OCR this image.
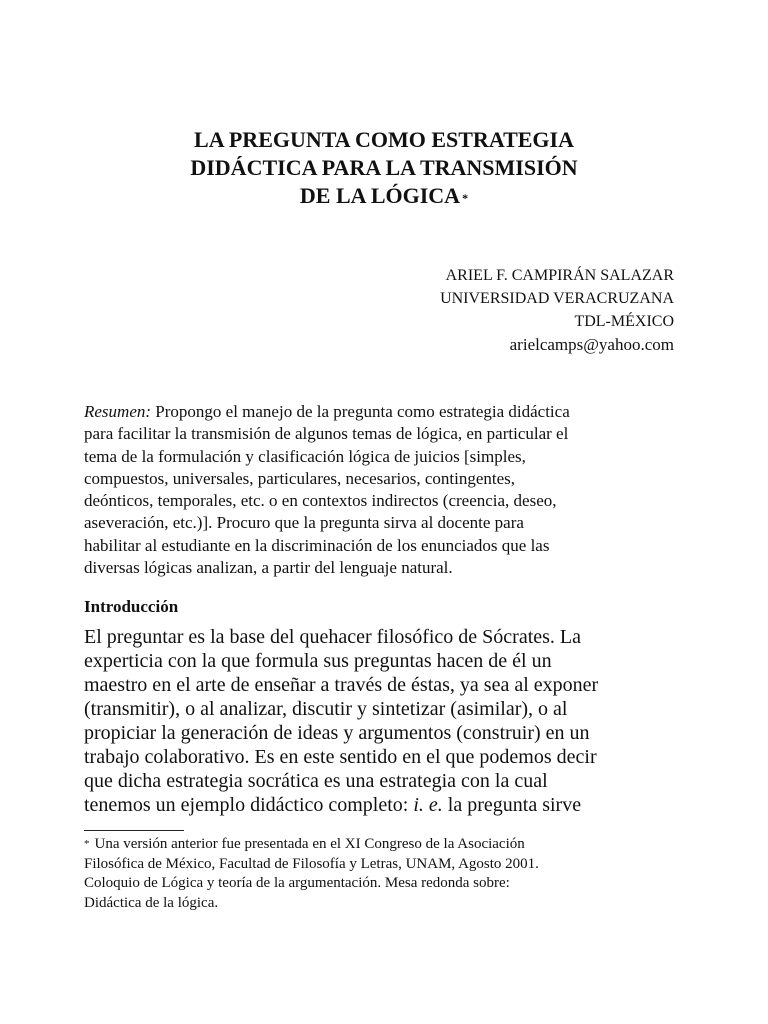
LA PREGUNTA COMO ESTRATEGIA
DIDÁCTICA PARA LA TRANSMISIÓN
DE LA LÓGICA *
ARIEL F. CAMPIRÁN SALAZAR
UNIVERSIDAD VERACRUZANA
TDL-MÉXICO
arielcamps@yahoo.com
Resumen: Propongo el manejo de la pregunta como estrategia didáctica
para facilitar la transmisión de algunos temas de lógica, en particular el
tema de la formulación y clasificación lógica de juicios [simples,
compuestos, universales, particulares, necesarios, contingentes,
deónticos, temporales, etc. o en contextos indirectos (creencia, deseo,
aseveración, etc.)]. Procuro que la pregunta sirva al docente para
habilitar al estudiante en la discriminación de los enunciados que las
diversas lógicas analizan, a partir del lenguaje natural.
Introducción
El preguntar es la base del quehacer filosófico de Sócrates. La
experticia con la que formula sus preguntas hacen de él un
maestro en el arte de enseñar a través de éstas, ya sea al exponer
(transmitir), o al analizar, discutir y sintetizar (asimilar), o al
propiciar la generación de ideas y argumentos (construir) en un
trabajo colaborativo. Es en este sentido en el que podemos decir
que dicha estrategia socrática es una estrategia con la cual
tenemos un ejemplo didáctico completo: i. e. la pregunta sirve
* Una versión anterior fue presentada en el XI Congreso de la Asociación
Filosófica de México, Facultad de Filosofía y Letras, UNAM, Agosto 2001.
Coloquio de Lógica y teoría de la argumentación. Mesa redonda sobre:
Didáctica de la lógica.
